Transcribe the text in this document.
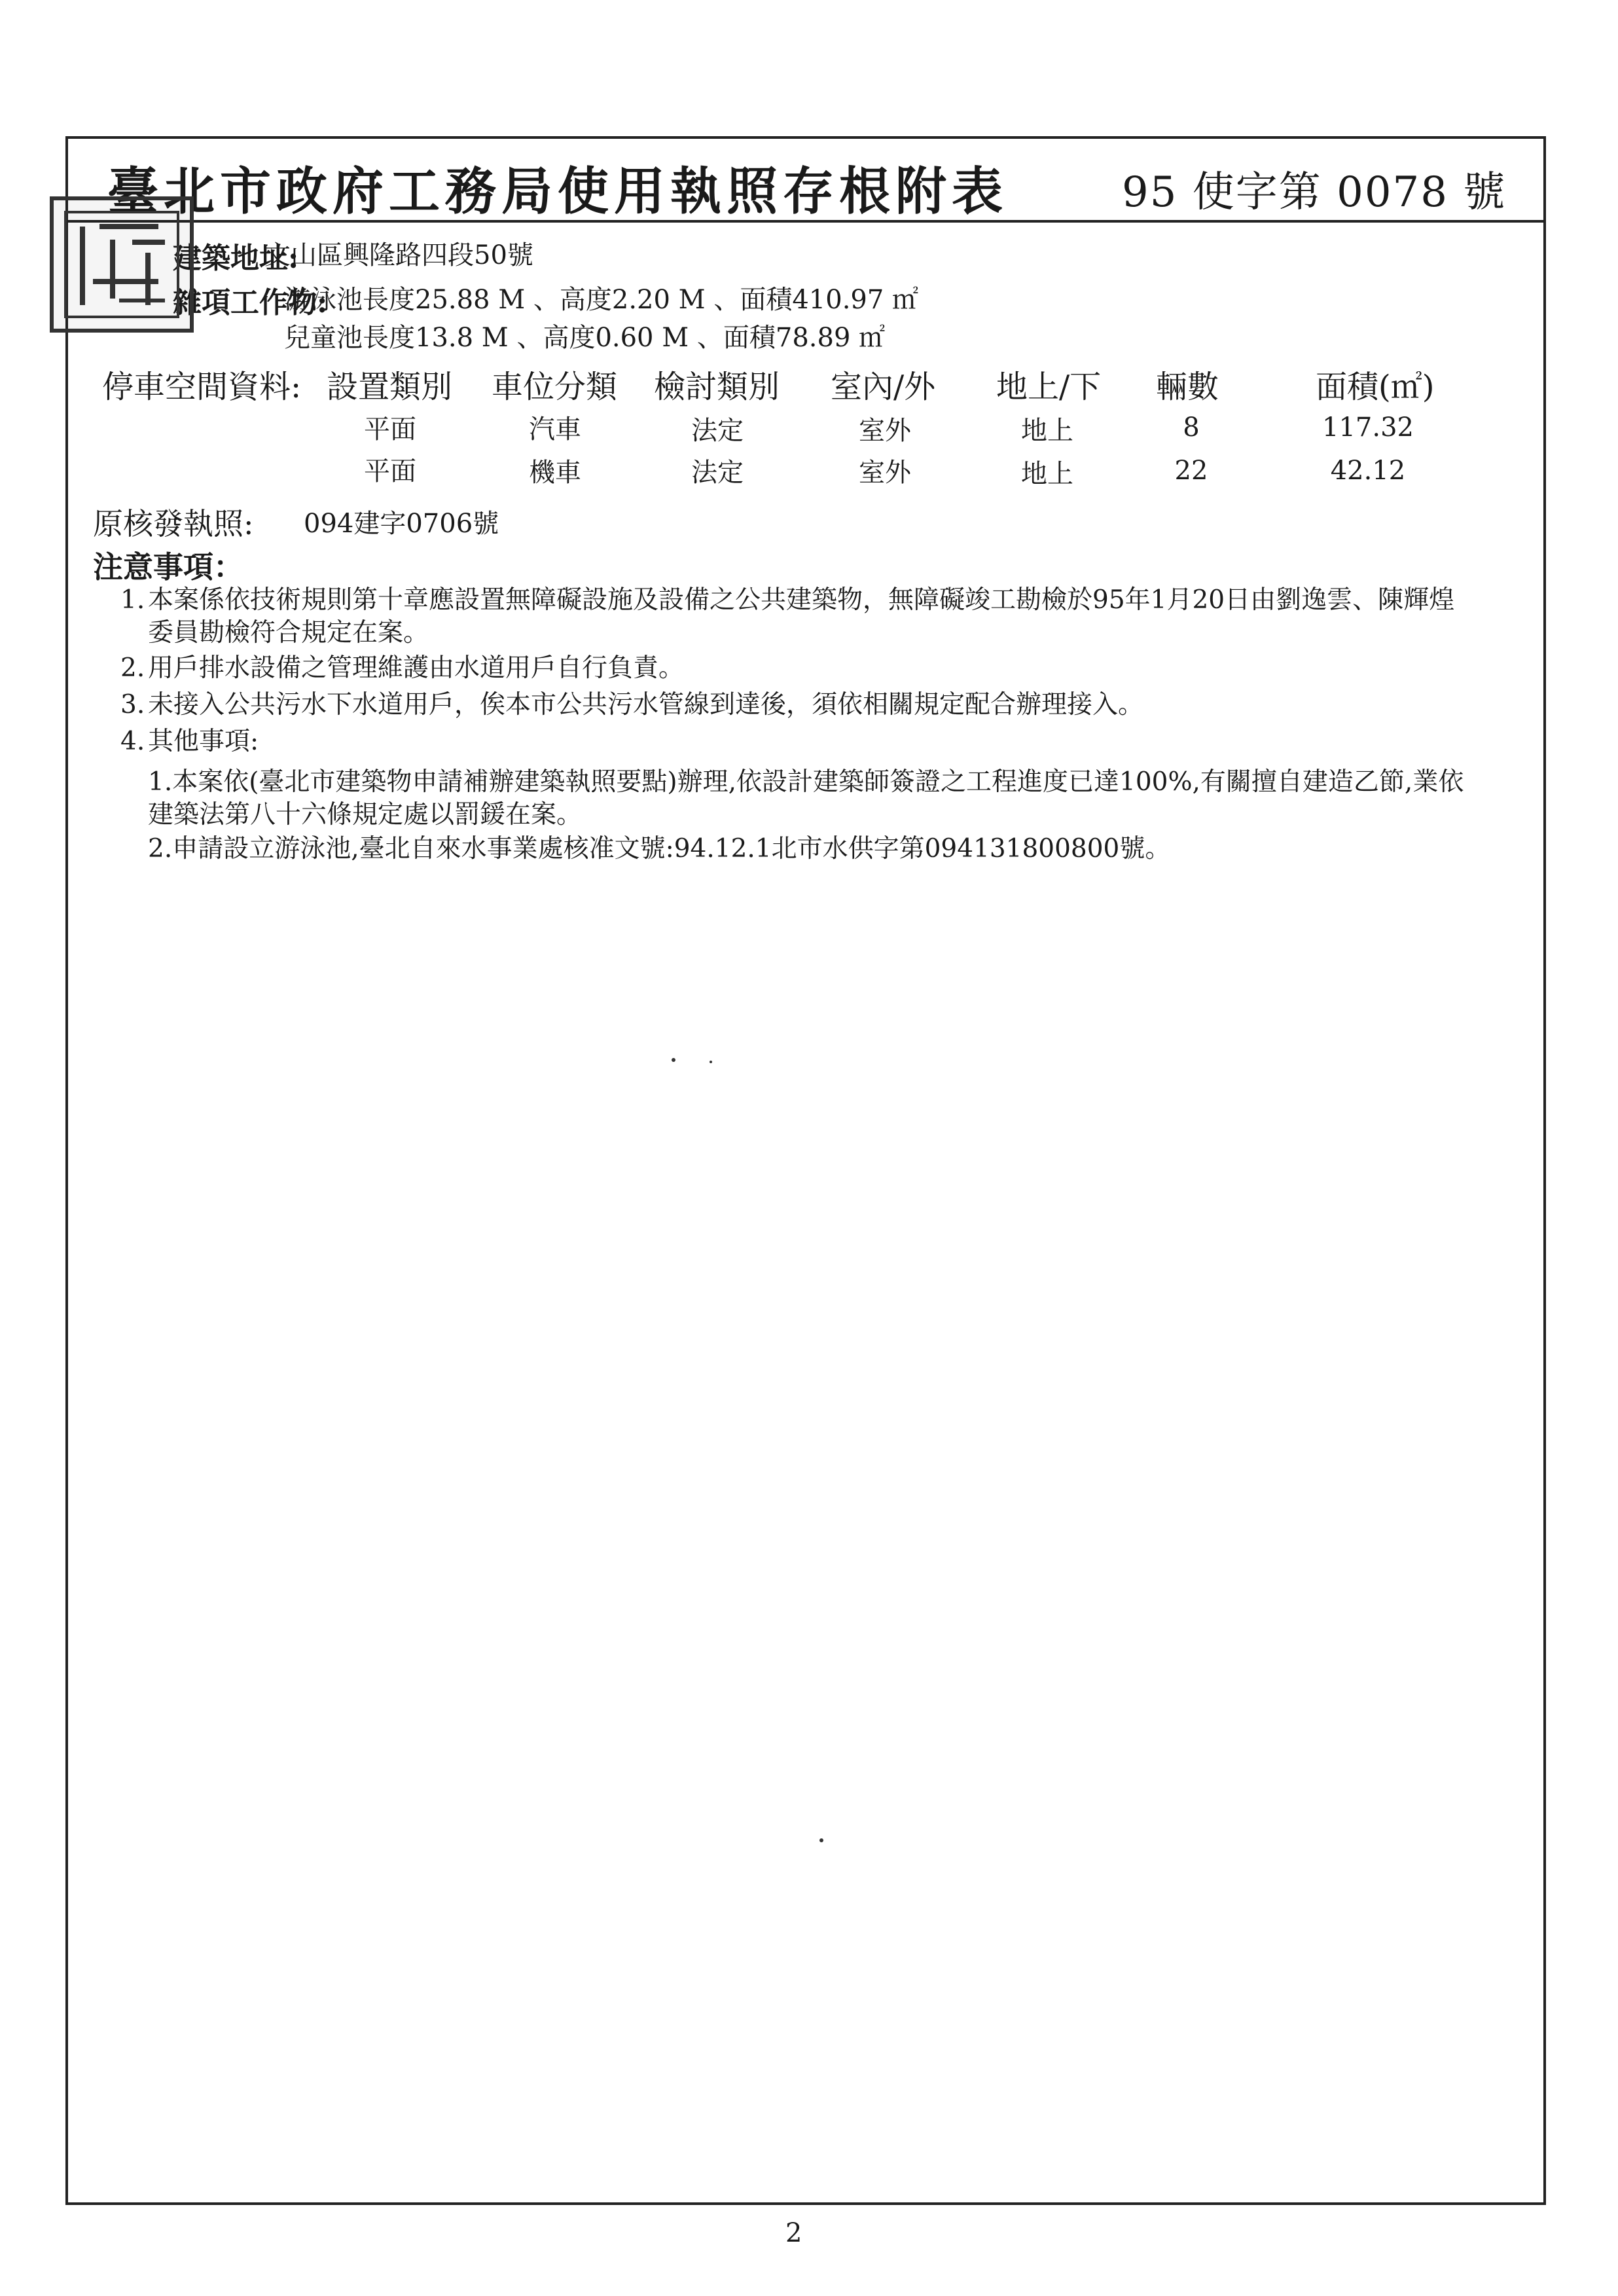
臺北市政府工務局使用執照存根附表	95 使字第 0078 號
建築地址:
文山區興隆路四段50號
雜項工作物:
游泳池長度25.88 M 、高度2.20 M 、面積410.97 ㎡
兒童池長度13.8 M 、高度0.60 M 、面積78.89 ㎡
停車空間資料: 設置類別 車位分類 檢討類別 室內/外 地上/下 輛數	面積(㎡)
平面	汽車	法定	室外	地上	8	117.32
平面	機車	法定	室外	地上	22	42.12
原核發執照: 094建字0706號
注意事項：
1. 本案係依技術規則第十章應設置無障礙設施及設備之公共建築物，無障礙竣工勘檢於95年1月20日由劉逸雲、陳輝煌
委員勘檢符合規定在案。
2. 用戶排水設備之管理維護由水道用戶自行負責。
3. 未接入公共污水下水道用戶，俟本市公共污水管線到達後，須依相關規定配合辦理接入。
4. 其他事項:
1.本案依(臺北市建築物申請補辦建築執照要點)辦理,依設計建築師簽證之工程進度已達100%,有關擅自建造乙節,業依
建築法第八十六條規定處以罰鍰在案。
2.申請設立游泳池,臺北自來水事業處核准文號:94.12.1北市水供字第094131800800號。
2
